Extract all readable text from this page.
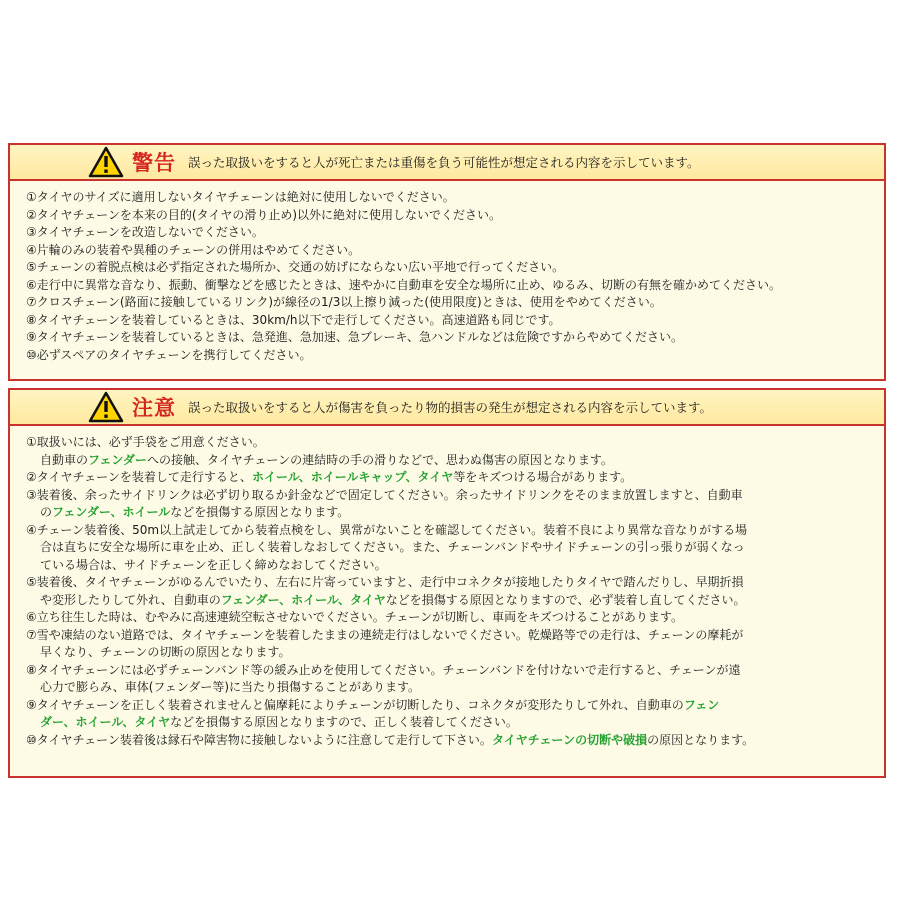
警告 誤った取扱いをすると人が死亡または重傷を負う可能性が想定される内容を示しています。
①タイヤのサイズに適用しないタイヤチェーンは絶対に使用しないでください。
②タイヤチェーンを本来の目的(タイヤの滑り止め)以外に絶対に使用しないでください。
③タイヤチェーンを改造しないでください。
④片輪のみの装着や異種のチェーンの併用はやめてください。
⑤チェーンの着脱点検は必ず指定された場所か、交通の妨げにならない広い平地で行ってください。
⑥走行中に異常な音なり、振動、衝撃などを感じたときは、速やかに自動車を安全な場所に止め、ゆるみ、切断の有無を確かめてください。
⑦クロスチェーン(路面に接触しているリンク)が線径の1/3以上擦り減った(使用限度)ときは、使用をやめてください。
⑧タイヤチェーンを装着しているときは、30km/h以下で走行してください。高速道路も同じです。
⑨タイヤチェーンを装着しているときは、急発進、急加速、急ブレーキ、急ハンドルなどは危険ですからやめてください。
⑩必ずスペアのタイヤチェーンを携行してください。
注意 誤った取扱いをすると人が傷害を負ったり物的損害の発生が想定される内容を示しています。
①取扱いには、必ず手袋をご用意ください。
自動車のフェンダーへの接触、タイヤチェーンの連結時の手の滑りなどで、思わぬ傷害の原因となります。
②タイヤチェーンを装着して走行すると、ホイール、ホイールキャップ、タイヤ等をキズつける場合があります。
③装着後、余ったサイドリンクは必ず切り取るか針金などで固定してください。余ったサイドリンクをそのまま放置しますと、自動車
のフェンダー、ホイールなどを損傷する原因となります。
④チェーン装着後、50m以上試走してから装着点検をし、異常がないことを確認してください。装着不良により異常な音なりがする場
合は直ちに安全な場所に車を止め、正しく装着しなおしてください。また、チェーンバンドやサイドチェーンの引っ張りが弱くなっ
ている場合は、サイドチェーンを正しく締めなおしてください。
⑤装着後、タイヤチェーンがゆるんでいたり、左右に片寄っていますと、走行中コネクタが接地したりタイヤで踏んだりし、早期折損
や変形したりして外れ、自動車のフェンダー、ホイール、タイヤなどを損傷する原因となりますので、必ず装着し直してください。
⑥立ち往生した時は、むやみに高速連続空転させないでください。チェーンが切断し、車両をキズつけることがあります。
⑦雪や凍結のない道路では、タイヤチェーンを装着したままの連続走行はしないでください。乾燥路等での走行は、チェーンの摩耗が
早くなり、チェーンの切断の原因となります。
⑧タイヤチェーンには必ずチェーンバンド等の緩み止めを使用してください。チェーンバンドを付けないで走行すると、チェーンが遠
心力で膨らみ、車体(フェンダー等)に当たり損傷することがあります。
⑨タイヤチェーンを正しく装着されませんと偏摩耗によりチェーンが切断したり、コネクタが変形たりして外れ、自動車のフェン
ダー、ホイール、タイヤなどを損傷する原因となりますので、正しく装着してください。
⑩タイヤチェーン装着後は縁石や障害物に接触しないように注意して走行して下さい。タイヤチェーンの切断や破損の原因となります。
